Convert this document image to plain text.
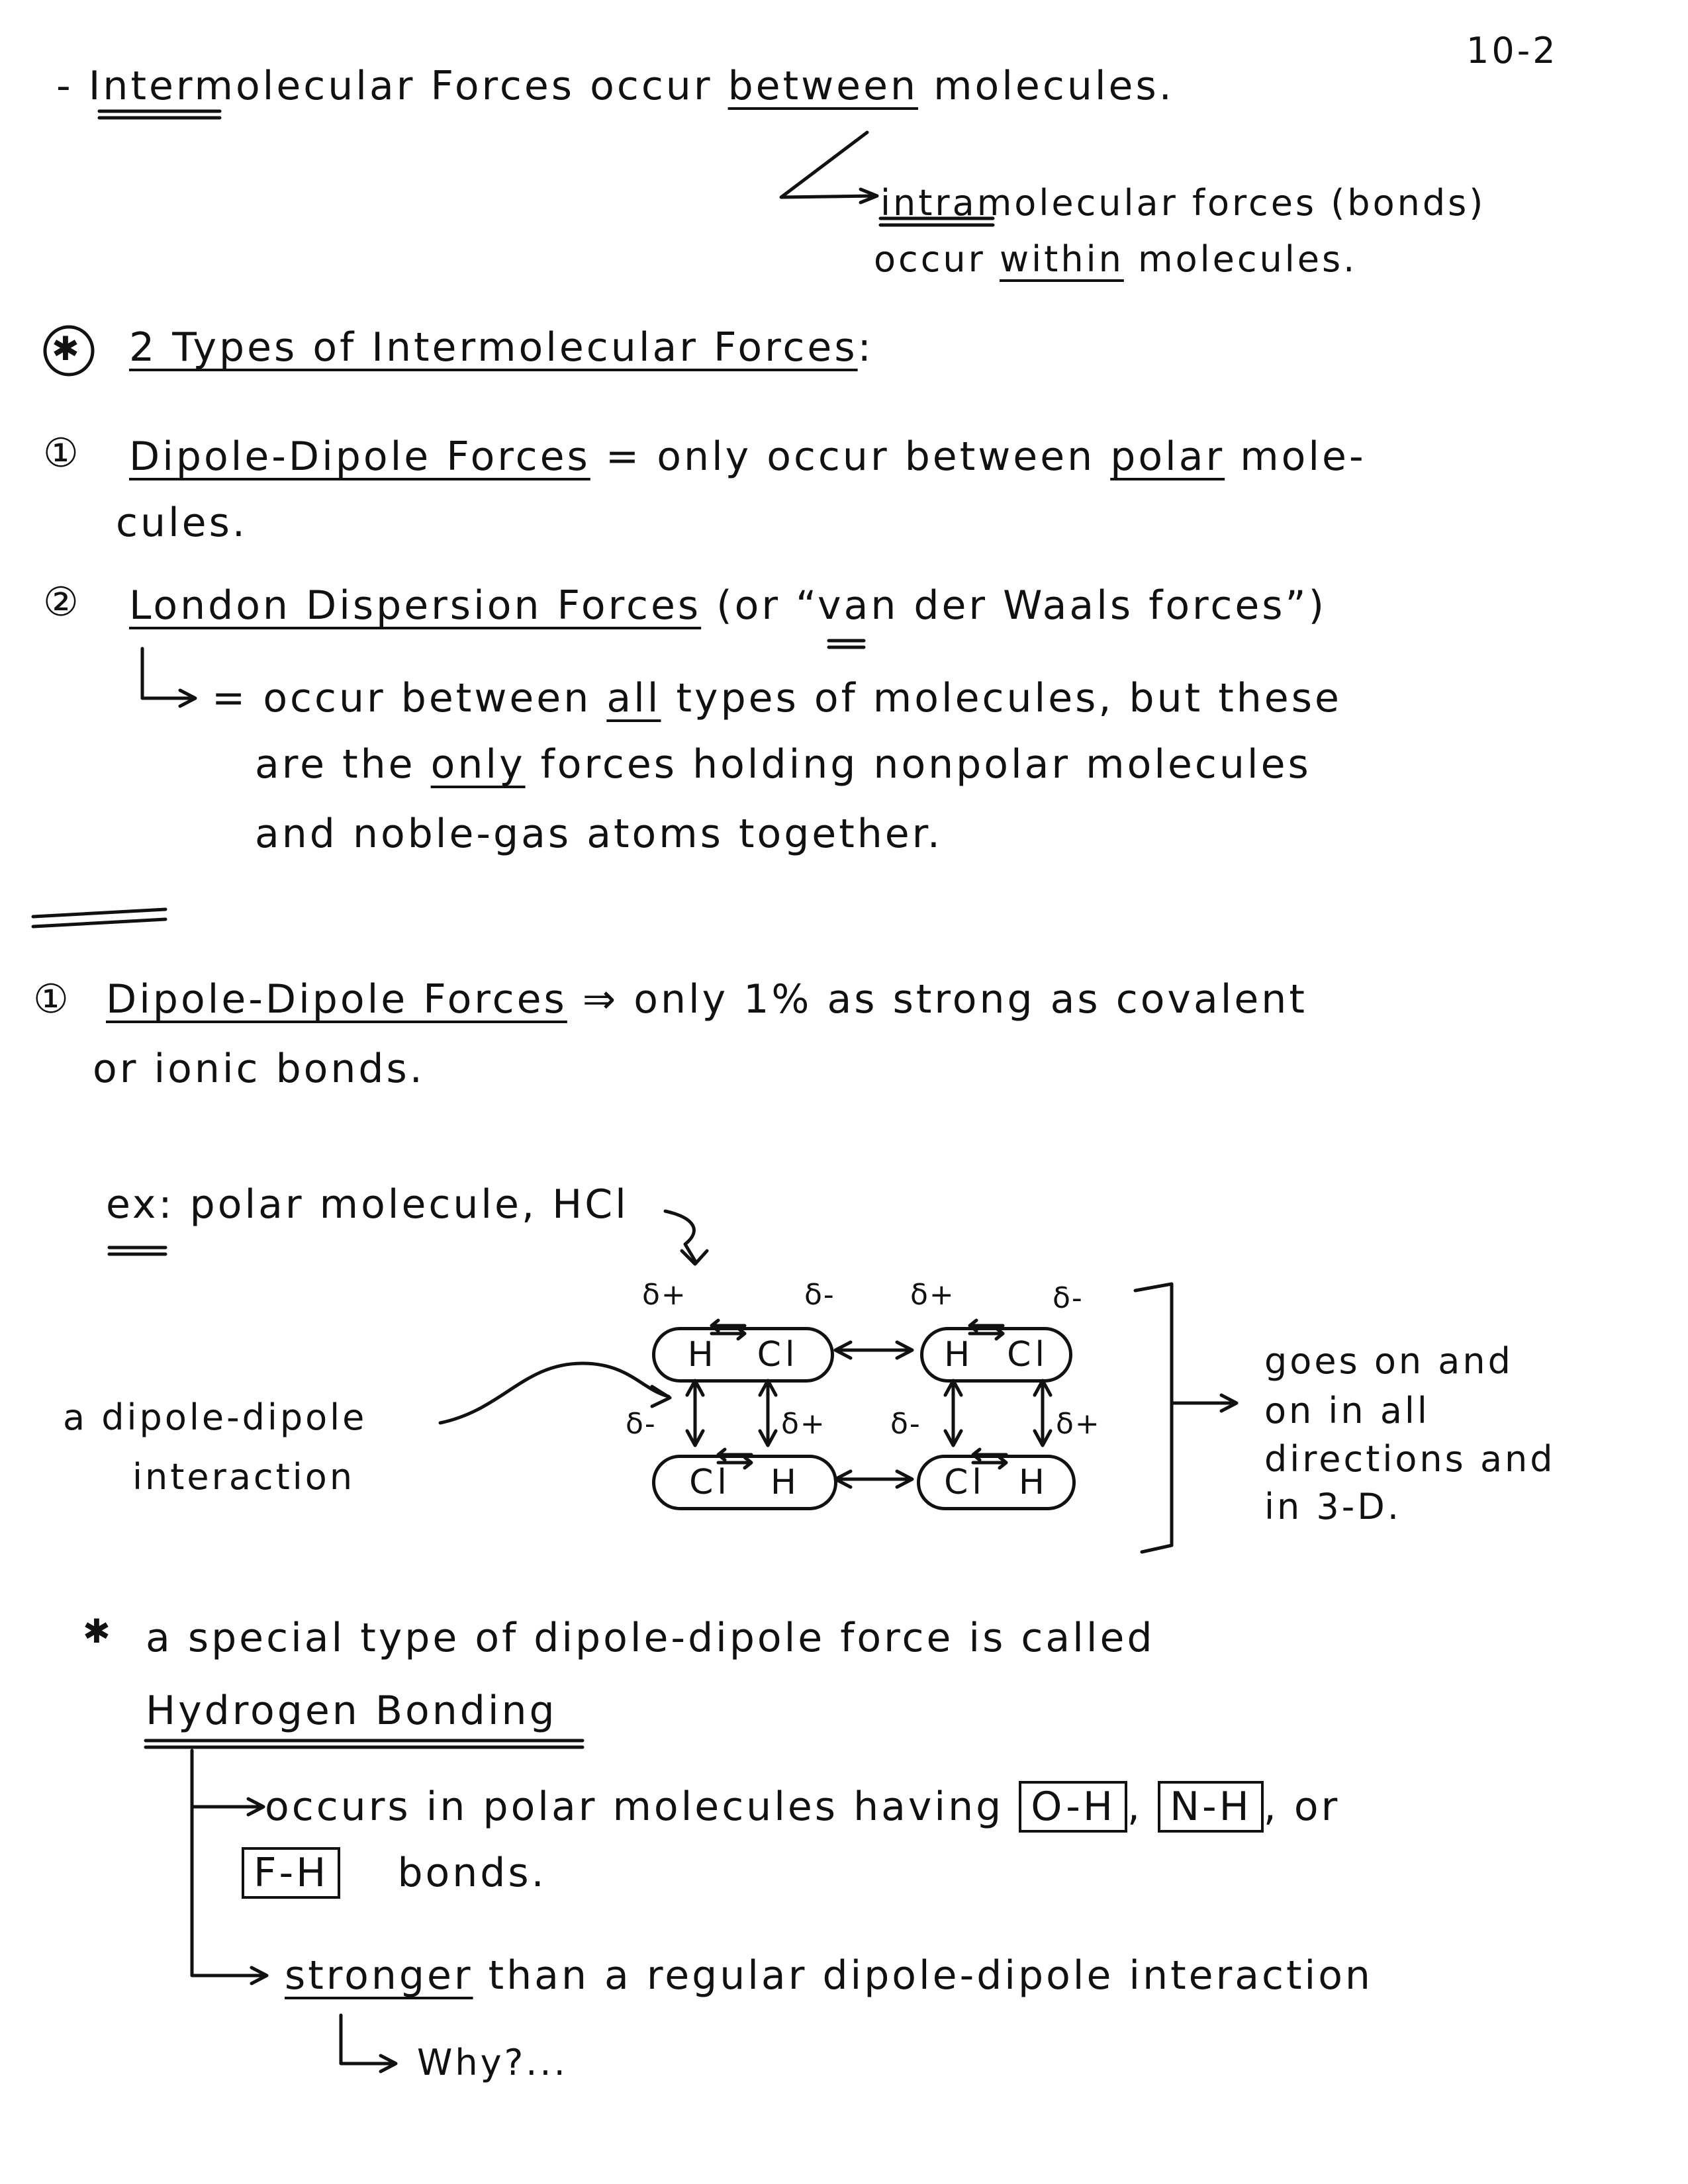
10-2
- Intermolecular Forces occur between molecules.
intramolecular forces (bonds)
occur within molecules.
✱ 2 Types of Intermolecular Forces:
① Dipole-Dipole Forces = only occur between polar mole-
cules.
② London Dispersion Forces (or “van der Waals forces”)
= occur between all types of molecules, but these
are the only forces holding nonpolar molecules
and noble-gas atoms together.
① Dipole-Dipole Forces ⇒ only 1% as strong as covalent
or ionic bonds.
ex: polar molecule, HCl
a dipole-dipole
interaction
H Cl	H Cl
Cl H	Cl H
δ+	δ-	δ+	δ-
δ-	δ+ δ-	δ+
goes on and
on in all
directions and
in 3-D.
✱ a special type of dipole-dipole force is called
Hydrogen Bonding
occurs in polar molecules having O-H , N-H , or
F-H bonds.
stronger than a regular dipole-dipole interaction
Why?...
